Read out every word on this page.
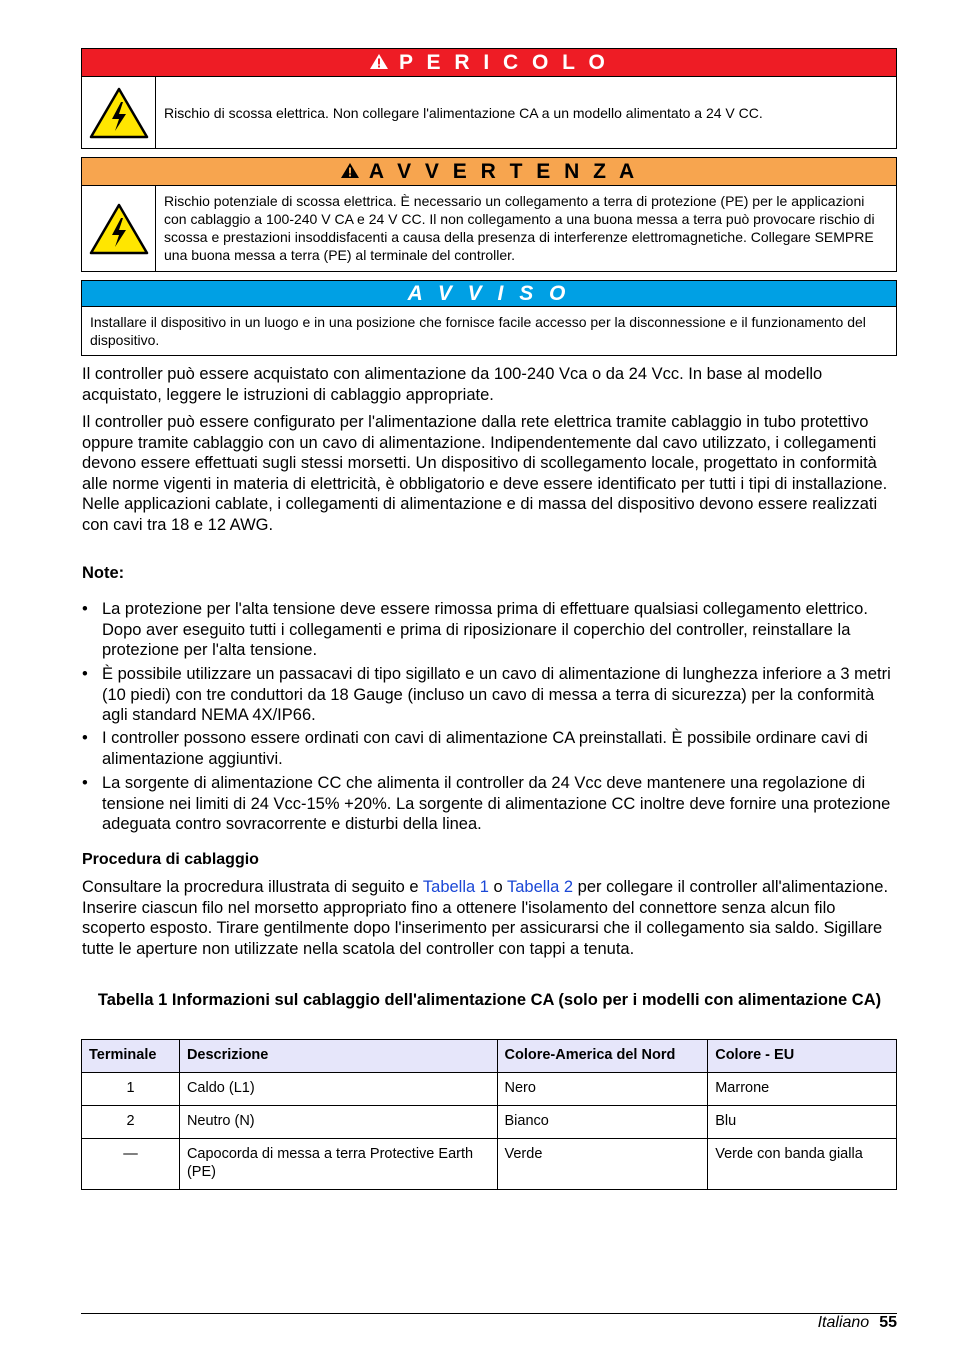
P E R I C O L O
Rischio di scossa elettrica. Non collegare l'alimentazione CA a un modello alimentato a 24 V CC.
A V V E R T E N Z A
Rischio potenziale di scossa elettrica. È necessario un collegamento a terra di protezione (PE) per le applicazioni con cablaggio a 100-240 V CA e 24 V CC. Il non collegamento a una buona messa a terra può provocare rischio di scossa e prestazioni insoddisfacenti a causa della presenza di interferenze elettromagnetiche. Collegare SEMPRE una buona messa a terra (PE) al terminale del controller.
A V V I S O
Installare il dispositivo in un luogo e in una posizione che fornisce facile accesso per la disconnessione e il funzionamento del dispositivo.

Il controller può essere acquistato con alimentazione da 100-240 Vca o da 24 Vcc. In base al modello acquistato, leggere le istruzioni di cablaggio appropriate.

Il controller può essere configurato per l'alimentazione dalla rete elettrica tramite cablaggio in tubo protettivo oppure tramite cablaggio con un cavo di alimentazione. Indipendentemente dal cavo utilizzato, i collegamenti devono essere effettuati sugli stessi morsetti. Un dispositivo di scollegamento locale, progettato in conformità alle norme vigenti in materia di elettricità, è obbligatorio e deve essere identificato per tutti i tipi di installazione. Nelle applicazioni cablate, i collegamenti di alimentazione e di massa del dispositivo devono essere realizzati con cavi tra 18 e 12 AWG.

Note:

• La protezione per l'alta tensione deve essere rimossa prima di effettuare qualsiasi collegamento elettrico. Dopo aver eseguito tutti i collegamenti e prima di riposizionare il coperchio del controller, reinstallare la protezione per l'alta tensione.
• È possibile utilizzare un passacavi di tipo sigillato e un cavo di alimentazione di lunghezza inferiore a 3 metri (10 piedi) con tre conduttori da 18 Gauge (incluso un cavo di messa a terra di sicurezza) per la conformità agli standard NEMA 4X/IP66.
• I controller possono essere ordinati con cavi di alimentazione CA preinstallati. È possibile ordinare cavi di alimentazione aggiuntivi.
• La sorgente di alimentazione CC che alimenta il controller da 24 Vcc deve mantenere una regolazione di tensione nei limiti di 24 Vcc-15% +20%. La sorgente di alimentazione CC inoltre deve fornire una protezione adeguata contro sovracorrente e disturbi della linea.

Procedura di cablaggio

Consultare la procredura illustrata di seguito e Tabella 1 o Tabella 2 per collegare il controller all'alimentazione. Inserire ciascun filo nel morsetto appropriato fino a ottenere l'isolamento del connettore senza alcun filo scoperto esposto. Tirare gentilmente dopo l'inserimento per assicurarsi che il collegamento sia saldo. Sigillare tutte le aperture non utilizzate nella scatola del controller con tappi a tenuta.

Tabella 1 Informazioni sul cablaggio dell'alimentazione CA (solo per i modelli con alimentazione CA)
Terminale	Descrizione	Colore-America del Nord	Colore - EU
1	Caldo (L1)	Nero	Marrone
2	Neutro (N)	Bianco	Blu
—	Capocorda di messa a terra Protective Earth (PE)	Verde	Verde con banda gialla
Italiano 55
